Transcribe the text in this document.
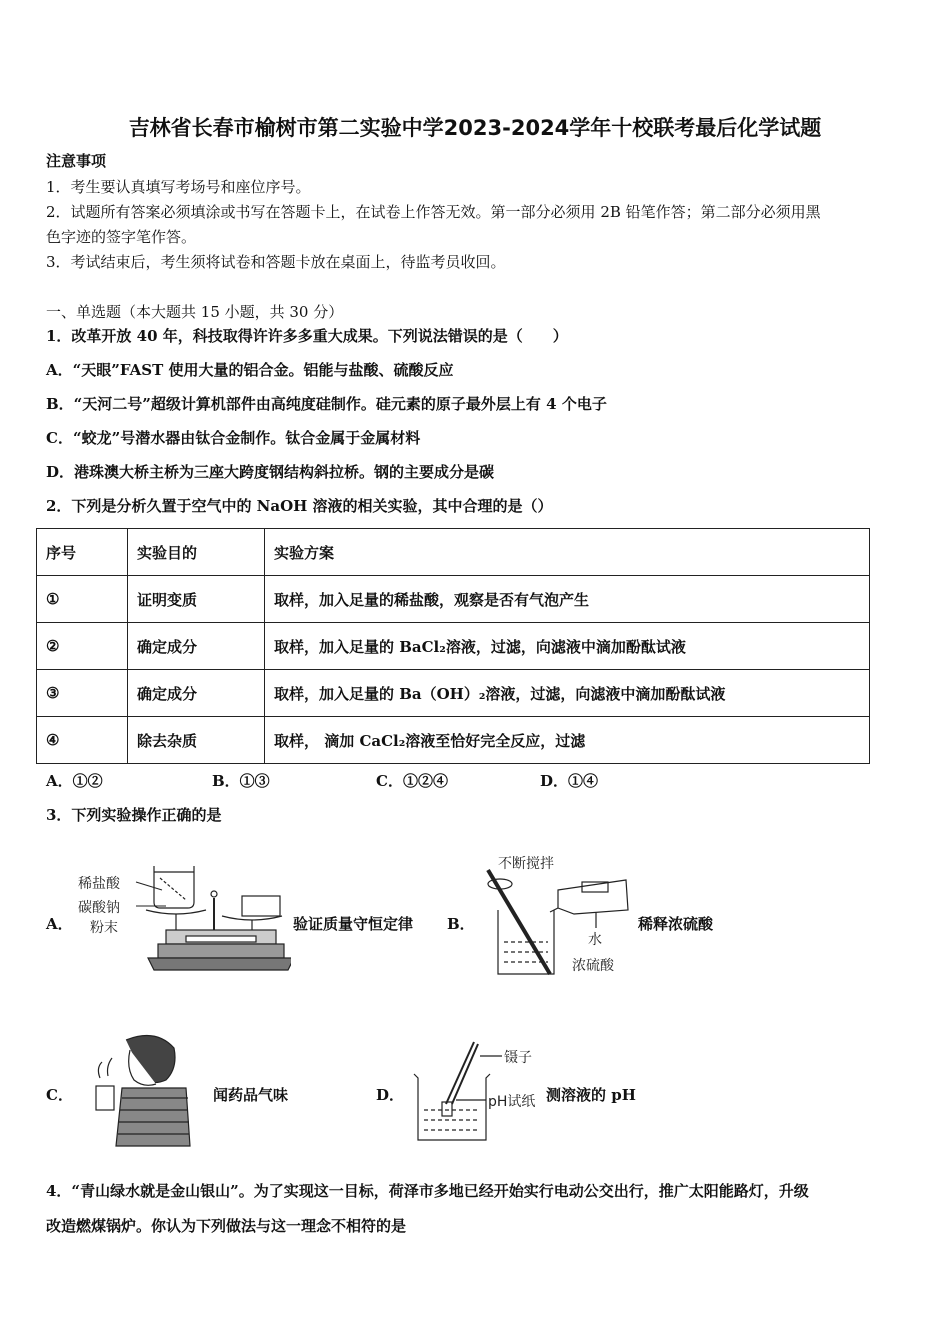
吉林省长春市榆树市第二实验中学2023-2024学年十校联考最后化学试题
注意事项
1．考生要认真填写考场号和座位序号。
2．试题所有答案必须填涂或书写在答题卡上，在试卷上作答无效。第一部分必须用 2B 铅笔作答；第二部分必须用黑
色字迹的签字笔作答。
3．考试结束后，考生须将试卷和答题卡放在桌面上，待监考员收回。
一、单选题（本大题共 15 小题，共 30 分）
1．改革开放 40 年，科技取得许许多多重大成果。下列说法错误的是（　　）
A．“天眼”FAST 使用大量的铝合金。铝能与盐酸、硫酸反应
B．“天河二号”超级计算机部件由高纯度硅制作。硅元素的原子最外层上有 4 个电子
C．“蛟龙”号潜水器由钛合金制作。钛合金属于金属材料
D．港珠澳大桥主桥为三座大跨度钢结构斜拉桥。钢的主要成分是碳
2．下列是分析久置于空气中的 NaOH 溶液的相关实验，其中合理的是（）
序号	实验目的	实验方案
①	证明变质	取样，加入足量的稀盐酸，观察是否有气泡产生
②	确定成分	取样，加入足量的 BaCl₂溶液，过滤，向滤液中滴加酚酞试液
③	确定成分	取样，加入足量的 Ba（OH）₂溶液，过滤，向滤液中滴加酚酞试液
④	除去杂质	取样， 滴加 CaCl₂溶液至恰好完全反应，过滤
A．①②	B．①③	C．①②④	D．①④
3．下列实验操作正确的是
A．
稀盐酸
碳酸钠
粉末	验证质量守恒定律 B．
不断搅拌
水
浓硫酸
稀释浓硫酸
C．	闻药品气味	D．
镊子
pH试纸 测溶液的 pH
4．“青山绿水就是金山银山”。为了实现这一目标，荷泽市多地已经开始实行电动公交出行，推广太阳能路灯，升级
改造燃煤锅炉。你认为下列做法与这一理念不相符的是
